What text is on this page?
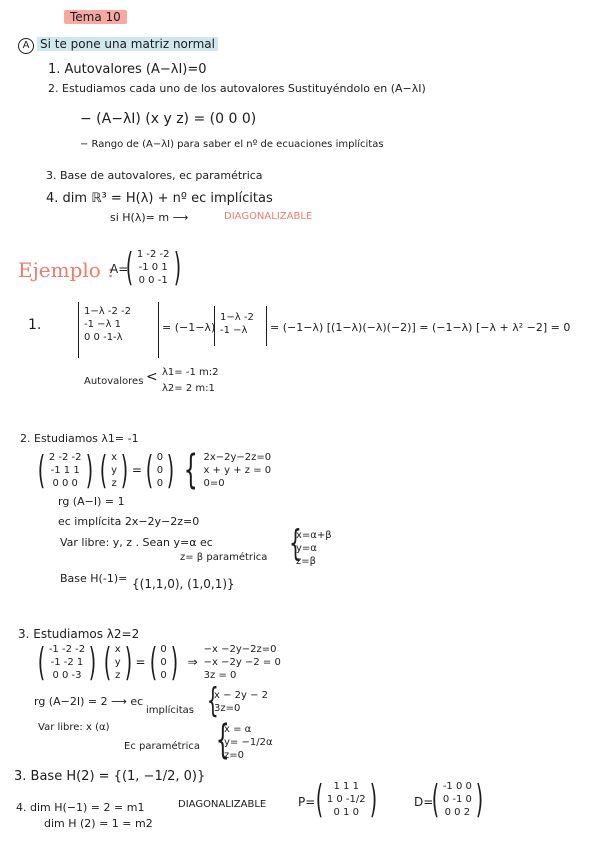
Tema 10
A Si te pone una matriz normal
1. Autovalores (A−λI)=0
2. Estudiamos cada uno de los autovalores Sustituyéndolo en (A−λI)
− (A−λI) (x y z) = (0 0 0)
− Rango de (A−λI) para saber el nº de ecuaciones implícitas
3. Base de autovalores, ec paramétrica
4. dim ℝ³ = H(λ) + nº ec implícitas
si H(λ)= m ⟶	DIAGONALIZABLE
Ejemplo :
A=
( 1 -2 -2
-1 0 1
0 0 -1 )
1.
1−λ -2 -2
-1 −λ 1
0 0 -1-λ
= (−1−λ)
1−λ -2
-1 −λ	= (−1−λ) [(1−λ)(−λ)(−2)] = (−1−λ) [−λ + λ² −2] = 0
Autovalores < λ1= -1 m:2
λ2= 2 m:1
2. Estudiamos λ1= -1
( 2 -2 -2
-1 1 1
0 0 0 ) ( x
y
z ) = ( 0
0
0 ) { 2x−2y−2z=0
x + y + z = 0
0=0
rg (A−I) = 1
ec implícita 2x−2y−2z=0
Var libre: y, z . Sean y=α ec
z= β paramétrica {
x=α+β
y=α
z=β
Base H(-1)= {(1,1,0), (1,0,1)}
3. Estudiamos λ2=2
( -1 -2 -2
-1 -2 1
0 0 -3 ) ( x
y
z ) = ( 0
0
0 ) ⇒
−x −2y−2z=0
−x −2y −2 = 0
3z = 0
rg (A−2I) = 2 ⟶ ec
implícitas {
x − 2y − 2
3z=0
Var libre: x (α)
Ec paramétrica {
x = α
y= −1/2α
z=0
3. Base H(2) = {(1, −1/2, 0)}
4. dim H(−1) = 2 = m1
dim H (2) = 1 = m2
DIAGONALIZABLE	P= (	1 1 1
1 0 -1/2
0 1 0 )	D=
( -1 0 0
0 -1 0
0 0 2 )
